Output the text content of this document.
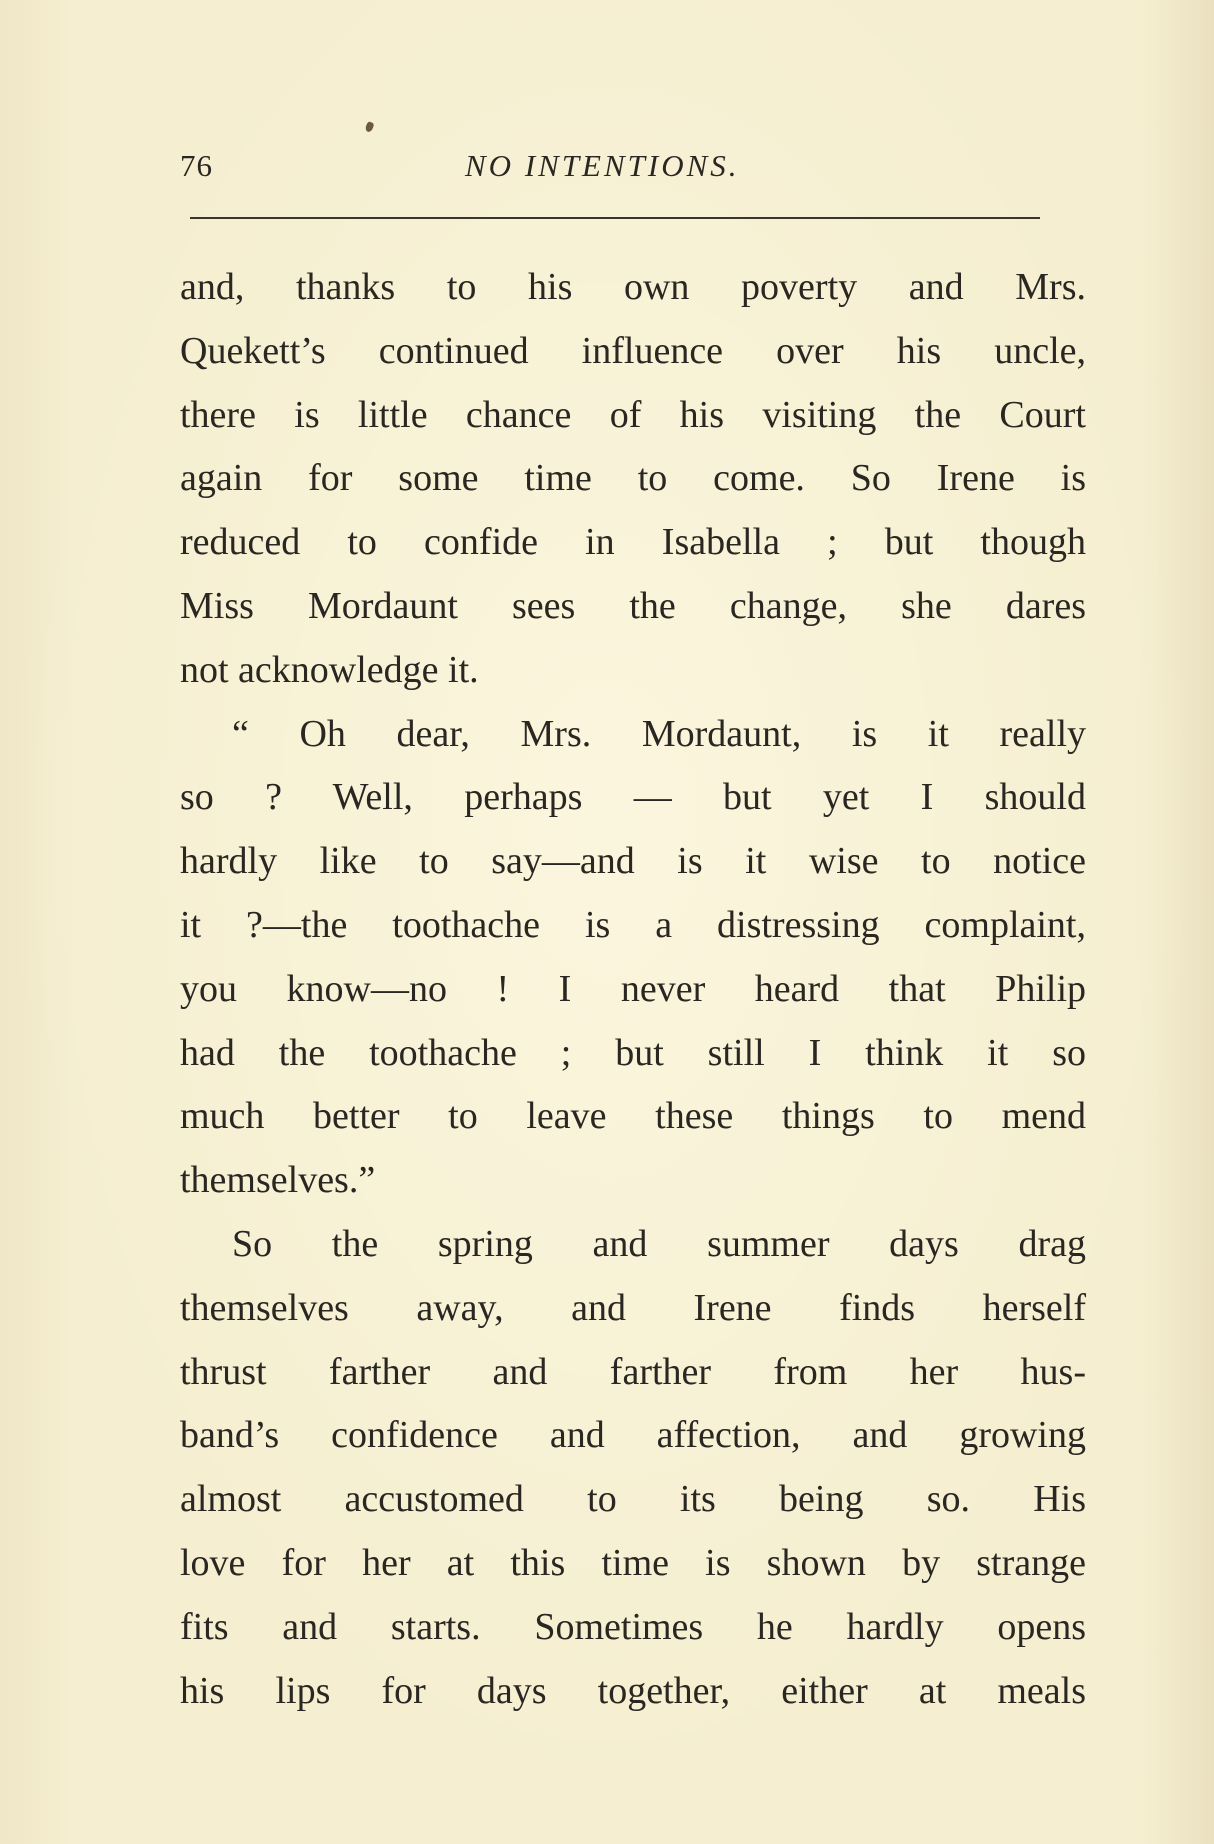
76	NO INTENTIONS.
and, thanks to his own poverty and Mrs.
Quekett’s continued influence over his uncle,
there is little chance of his visiting the Court
again for some time to come. So Irene is
reduced to confide in Isabella ; but though
Miss Mordaunt sees the change, she dares
not acknowledge it.
“ Oh dear, Mrs. Mordaunt, is it really
so ? Well, perhaps — but yet I should
hardly like to say—and is it wise to notice
it ?—the toothache is a distressing complaint,
you know—no ! I never heard that Philip
had the toothache ; but still I think it so
much better to leave these things to mend
themselves.”
So the spring and summer days drag
themselves away, and Irene finds herself
thrust farther and farther from her hus-
band’s confidence and affection, and growing
almost accustomed to its being so. His
love for her at this time is shown by strange
fits and starts. Sometimes he hardly opens
his lips for days together, either at meals
